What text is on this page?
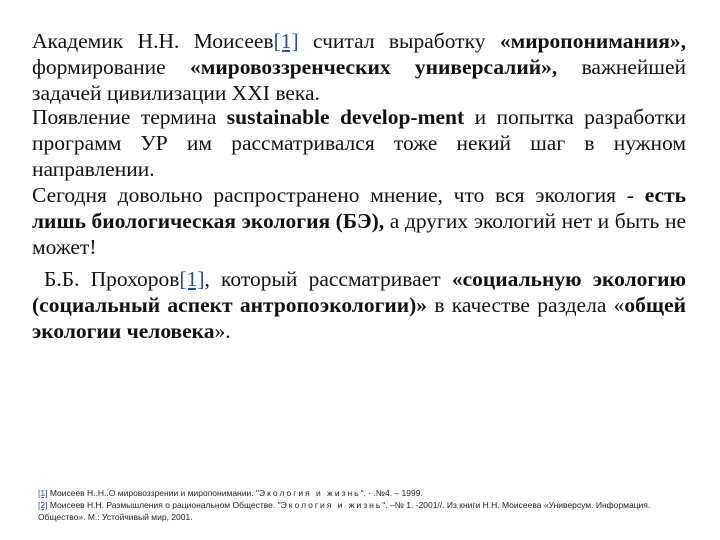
Академик Н.Н. Моисеев[1] считал выработку «миропонимания», формирование «мировоззренческих универсалий», важнейшей задачей цивилизации XXI века.
Появление термина sustainable develop-ment и попытка разработки программ УР им рассматривался тоже некий шаг в нужном направлении.
Сегодня довольно распространено мнение, что вся экология - есть лишь биологическая экология (БЭ), а других экологий нет и быть не может!
Б.Б. Прохоров[1], который рассматривает «социальную экологию (социальный аспект антропоэкологии)» в качестве раздела «общей экологии человека».
[1] Моисеев Н..Н..О мировоззрении и миропонимании. "Экология и жизнь". - .№4. – 1999.
[2] Моисеев Н.Н. Размышления о рациональном Обществе. "Экология и жизнь". –№ 1. -2001//. Из книги Н.Н. Моисеева «Универсум. Информация. Общество». М.: Устойчивый мир, 2001.
